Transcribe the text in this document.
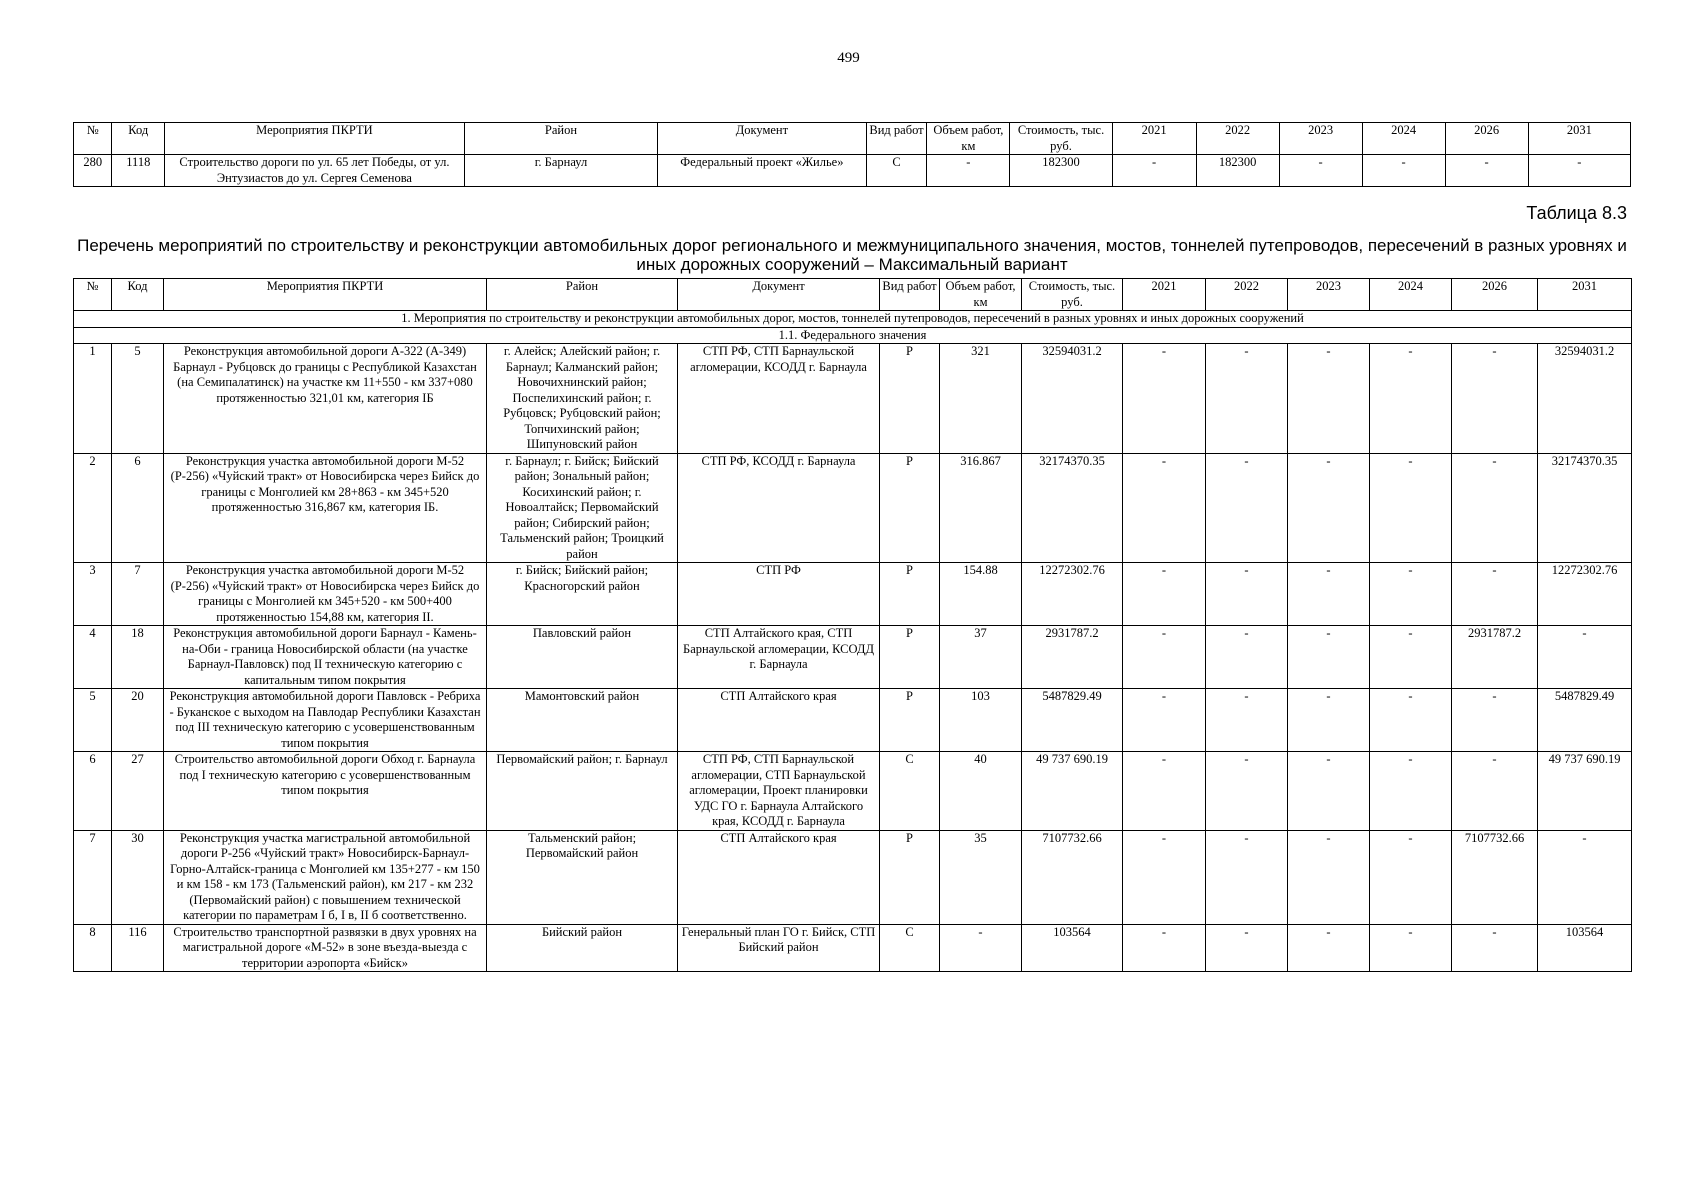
499
№	Код	Мероприятия ПКРТИ	Район	Документ	Вид работ	Объем работ, км	Стоимость, тыс. руб.	2021	2022	2023	2024	2026	2031
280	1118	Строительство дороги по ул. 65 лет Победы, от ул. Энтузиастов до ул. Сергея Семенова	г. Барнаул	Федеральный проект «Жилье»	С	-	182300	-	182300	-	-	-	-
Таблица 8.3
Перечень мероприятий по строительству и реконструкции автомобильных дорог регионального и межмуниципального значения, мостов, тоннелей путепроводов, пересечений в разных уровнях и иных дорожных сооружений – Максимальный вариант
№	Код	Мероприятия ПКРТИ	Район	Документ	Вид работ	Объем работ, км	Стоимость, тыс. руб.	2021	2022	2023	2024	2026	2031
1. Мероприятия по строительству и реконструкции автомобильных дорог, мостов, тоннелей путепроводов, пересечений в разных уровнях и иных дорожных сооружений													
1.1. Федерального значения													
1	5	Реконструкция автомобильной дороги А-322 (А-349) Барнаул - Рубцовск до границы с Республикой Казахстан (на Семипалатинск) на участке км 11+550 - км 337+080 протяженностью 321,01 км, категория IБ	г. Алейск; Алейский район; г. Барнаул; Калманский район; Новочихнинский район; Поспелихинский район; г. Рубцовск; Рубцовский район; Топчихинский район; Шипуновский район	СТП РФ, СТП Барнаульской агломерации, КСОДД г. Барнаула	Р	321	32594031.2	-	-	-	-	-	32594031.2
2	6	Реконструкция участка автомобильной дороги М-52 (Р-256) «Чуйский тракт» от Новосибирска через Бийск до границы с Монголией км 28+863 - км 345+520 протяженностью 316,867 км, категория IБ.	г. Барнаул; г. Бийск; Бийский район; Зональный район; Косихинский район; г. Новоалтайск; Первомайский район; Сибирский район; Тальменский район; Троицкий район	СТП РФ, КСОДД г. Барнаула	Р	316.867	32174370.35	-	-	-	-	-	32174370.35
3	7	Реконструкция участка автомобильной дороги М-52 (Р-256) «Чуйский тракт» от Новосибирска через Бийск до границы с Монголией км 345+520 - км 500+400 протяженностью 154,88 км, категория II.	г. Бийск; Бийский район; Красногорский район	СТП РФ	Р	154.88	12272302.76	-	-	-	-	-	12272302.76
4	18	Реконструкция автомобильной дороги Барнаул - Камень-на-Оби - граница Новосибирской области (на участке Барнаул-Павловск) под II техническую категорию с капитальным типом покрытия	Павловский район	СТП Алтайского края, СТП Барнаульской агломерации, КСОДД г. Барнаула	Р	37	2931787.2	-	-	-	-	2931787.2	-
5	20	Реконструкция автомобильной дороги Павловск - Ребриха - Буканское с выходом на Павлодар Республики Казахстан под III техническую категорию с усовершенствованным типом покрытия	Мамонтовский район	СТП Алтайского края	Р	103	5487829.49	-	-	-	-	-	5487829.49
6	27	Строительство автомобильной дороги Обход г. Барнаула под I техническую категорию с усовершенствованным типом покрытия	Первомайский район; г. Барнаул	СТП РФ, СТП Барнаульской агломерации, СТП Барнаульской агломерации, Проект планировки УДС ГО г. Барнаула Алтайского края, КСОДД г. Барнаула	С	40	49 737 690.19	-	-	-	-	-	49 737 690.19
7	30	Реконструкция участка магистральной автомобильной дороги Р-256 «Чуйский тракт» Новосибирск-Барнаул-Горно-Алтайск-граница с Монголией км 135+277 - км 150 и км 158 - км 173 (Тальменский район), км 217 - км 232 (Первомайский район) с повышением технической категории по параметрам I б, I в, II б соответственно.	Тальменский район; Первомайский район	СТП Алтайского края	Р	35	7107732.66	-	-	-	-	7107732.66	-
8	116	Строительство транспортной развязки в двух уровнях на магистральной дороге «М-52» в зоне въезда-выезда с территории аэропорта «Бийск»	Бийский район	Генеральный план ГО г. Бийск, СТП Бийский район	С	-	103564	-	-	-	-	-	103564
